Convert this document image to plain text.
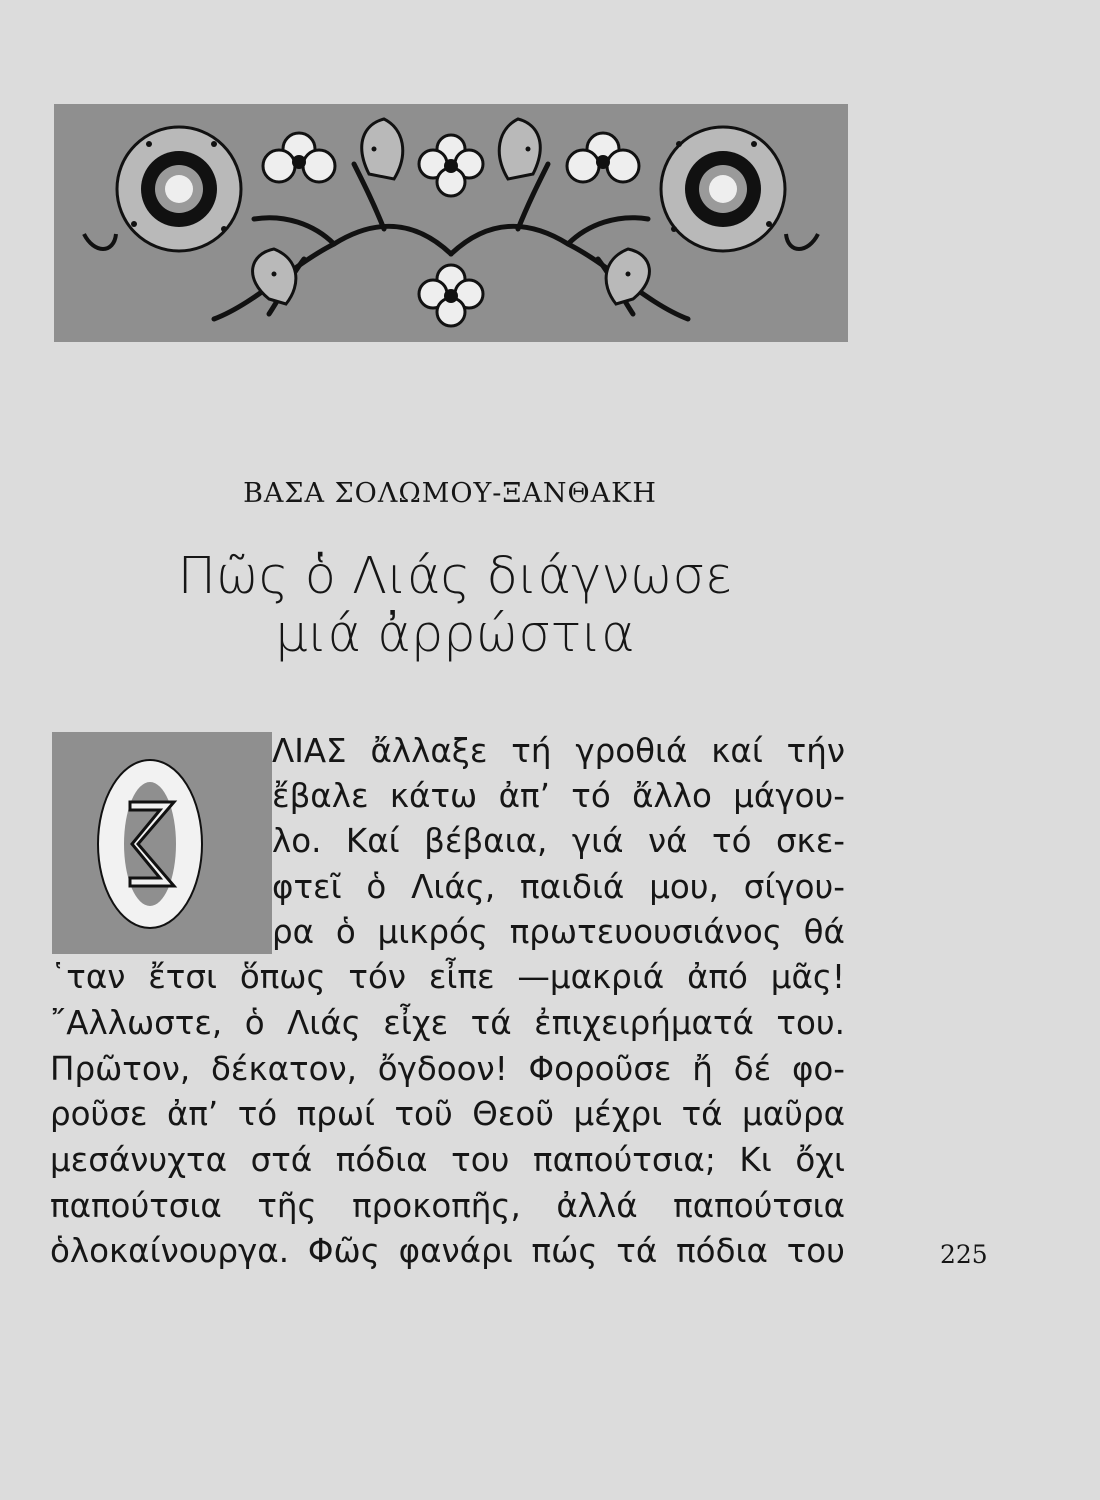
ΒΑΣΑ ΣΟΛΩΜΟΥ-ΞΑΝΘΑΚΗ
Πῶς ὁ Λιάς διάγνωσε
μιά ἀρρώστια
Ο	ΛΙΑΣ ἄλλαξε τή γροθιά καί τήν
ἔβαλε κάτω ἀπ’ τό ἄλλο μάγου-
λο. Καί βέβαια, γιά νά τό σκε-
φτεῖ ὁ Λιάς, παιδιά μου, σίγου-
ρα ὁ μικρός πρωτευουσιάνος θά
῾ταν ἔτσι ὅπως τόν εἶπε —μακριά ἀπό μᾶς!
῎Αλλωστε, ὁ Λιάς εἶχε τά ἐπιχειρήματά του.
Πρῶτον, δέκατον, ὄγδοον! Φοροῦσε ἤ δέ φο-
ροῦσε ἀπ’ τό πρωί τοῦ Θεοῦ μέχρι τά μαῦρα
μεσάνυχτα στά πόδια του παπούτσια; Κι ὄχι
παπούτσια τῆς προκοπῆς, ἀλλά παπούτσια
ὁλοκαίνουργα. Φῶς φανάρι πώς τά πόδια του	225
